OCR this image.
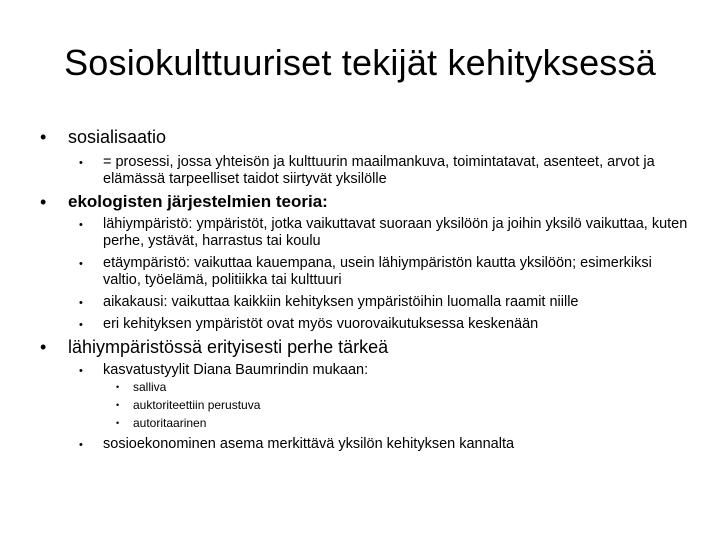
Sosiokulttuuriset tekijät kehityksessä
• sosialisaatio
• = prosessi, jossa yhteisön ja kulttuurin maailmankuva, toimintatavat, asenteet, arvot ja elämässä tarpeelliset taidot siirtyvät yksilölle
• ekologisten järjestelmien teoria:
• lähiympäristö: ympäristöt, jotka vaikuttavat suoraan yksilöön ja joihin yksilö vaikuttaa, kuten perhe, ystävät, harrastus tai koulu
• etäympäristö: vaikuttaa kauempana, usein lähiympäristön kautta yksilöön; esimerkiksi valtio, työelämä, politiikka tai kulttuuri
• aikakausi: vaikuttaa kaikkiin kehityksen ympäristöihin luomalla raamit niille
• eri kehityksen ympäristöt ovat myös vuorovaikutuksessa keskenään
• lähiympäristössä erityisesti perhe tärkeä
• kasvatustyylit Diana Baumrindin mukaan:
• salliva
• auktoriteettiin perustuva
• autoritaarinen
• sosioekonominen asema merkittävä yksilön kehityksen kannalta
